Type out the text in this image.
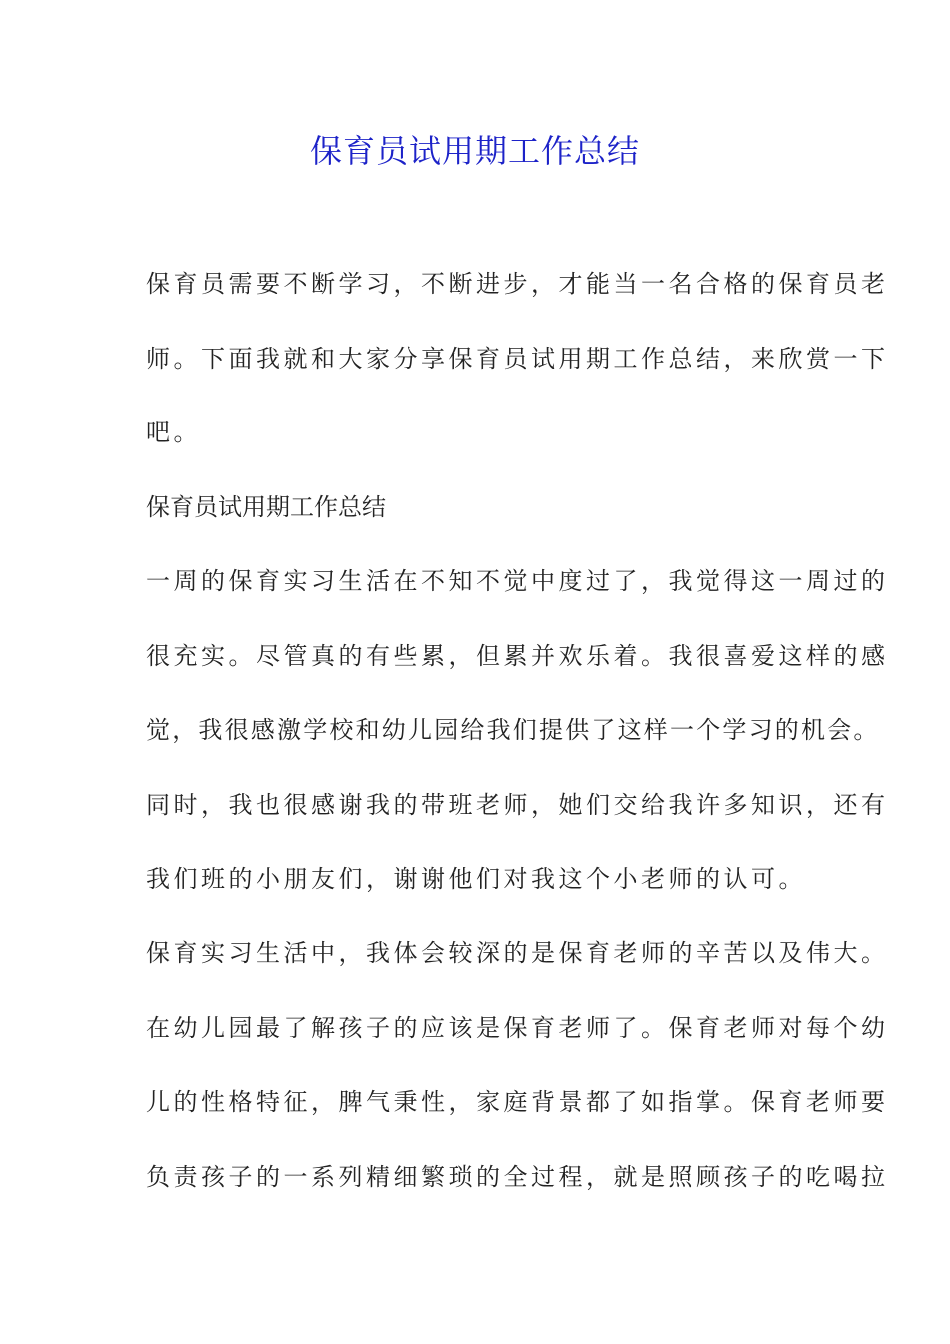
保育员试用期工作总结

保育员需要不断学习，不断进步，才能当一名合格的保育员老

师。下面我就和大家分享保育员试用期工作总结，来欣赏一下

吧。

保育员试用期工作总结

一周的保育实习生活在不知不觉中度过了，我觉得这一周过的

很充实。尽管真的有些累，但累并欢乐着。我很喜爱这样的感

觉，我很感激学校和幼儿园给我们提供了这样一个学习的机会。

同时，我也很感谢我的带班老师，她们交给我许多知识，还有

我们班的小朋友们，谢谢他们对我这个小老师的认可。

保育实习生活中，我体会较深的是保育老师的辛苦以及伟大。

在幼儿园最了解孩子的应该是保育老师了。保育老师对每个幼

儿的性格特征，脾气秉性，家庭背景都了如指掌。保育老师要

负责孩子的一系列精细繁琐的全过程，就是照顾孩子的吃喝拉
